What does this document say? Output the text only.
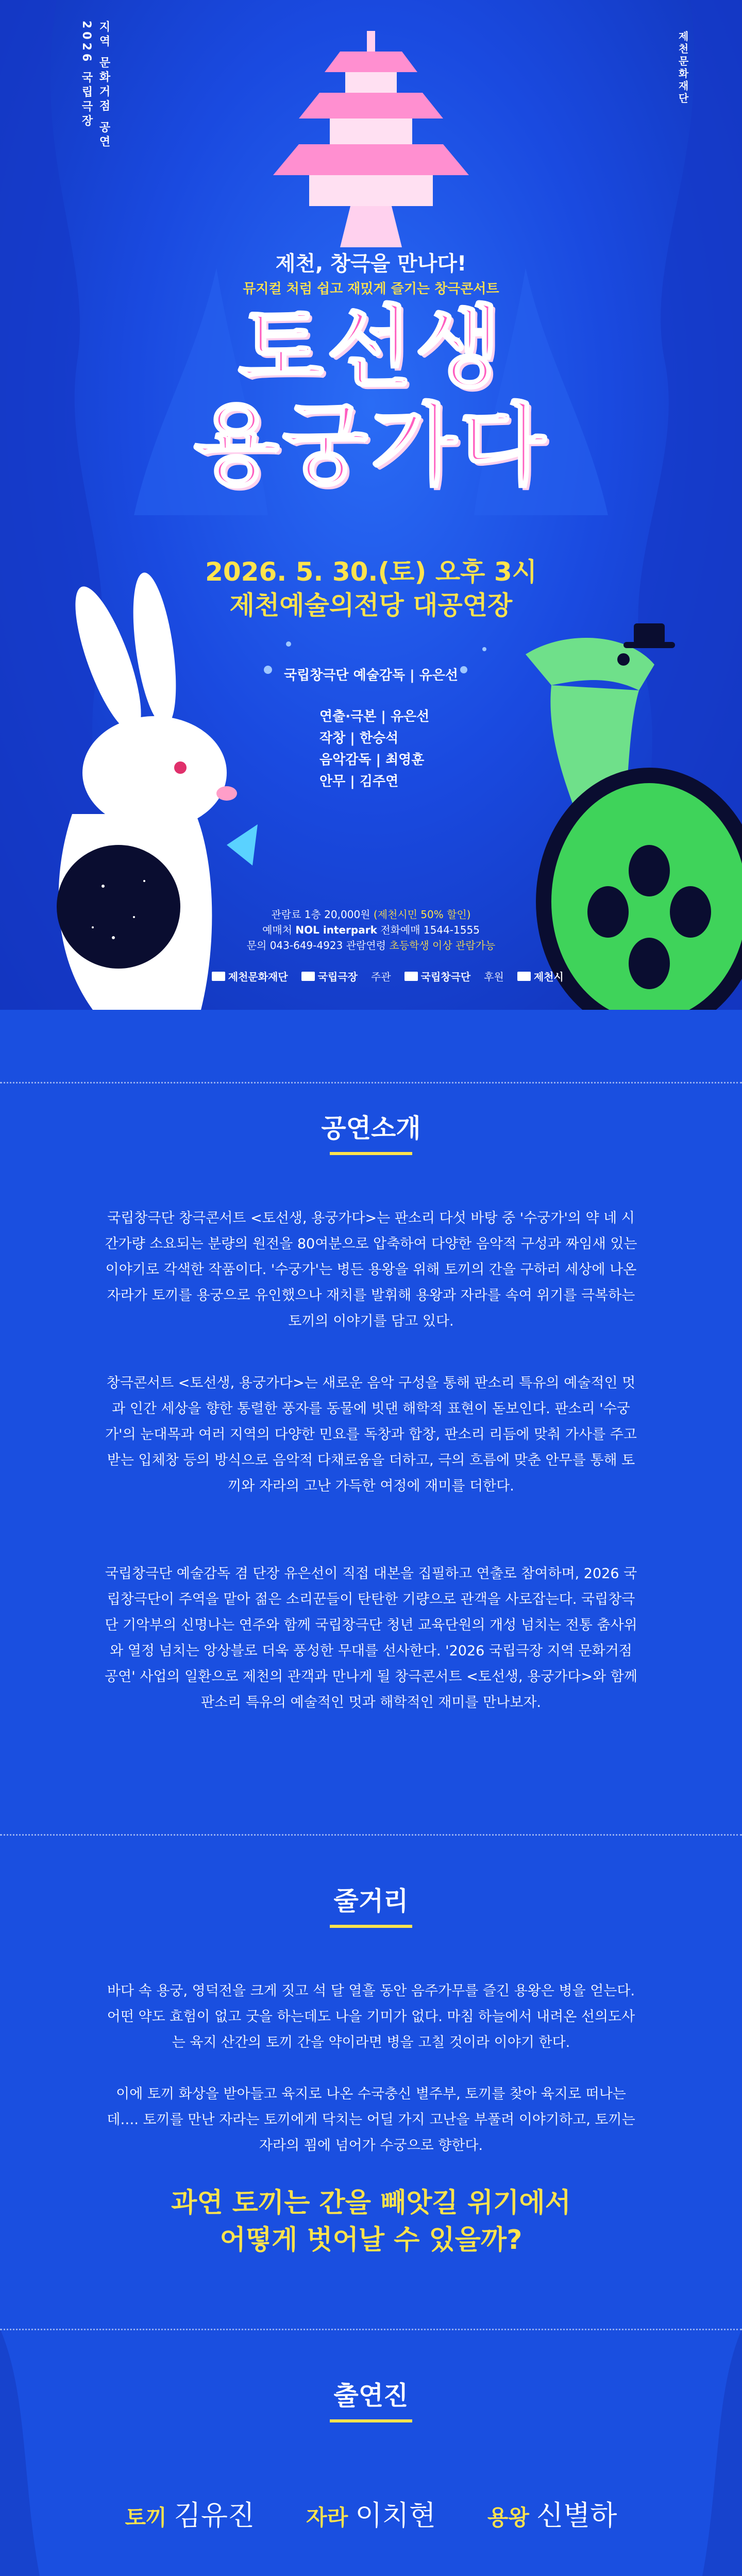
지역 문화거점 공연
2026 국립극장	제천문화재단
제천, 창극을 만나다!
뮤지컬 처럼 쉽고 재밌게 즐기는 창극콘서트
토선생
용궁가다
2026. 5. 30.(토) 오후 3시
제천예술의전당 대공연장
국립창극단 예술감독 | 유은선
연출·극본 | 유은선
작창 | 한승석
음악감독 | 최영훈
안무 | 김주연
관람료 1층 20,000원 (제천시민 50% 할인)
예매처 NOL interpark 전화예매 1544-1555
문의 043-649-4923 관람연령 초등학생 이상 관람가능
주최	제천문화재단	국립극장 주관	국립창극단 후원	제천시
공연소개

국립창극단 창극콘서트 <토선생, 용궁가다>는 판소리 다섯 바탕 중 '수궁가'의 약 네 시간가량 소요되는 분량의 원전을 80여분으로 압축하여 다양한 음악적 구성과 짜임새 있는 이야기로 각색한 작품이다. '수궁가'는 병든 용왕을 위해 토끼의 간을 구하러 세상에 나온 자라가 토끼를 용궁으로 유인했으나 재치를 발휘해 용왕과 자라를 속여 위기를 극복하는 토끼의 이야기를 담고 있다.

창극콘서트 <토선생, 용궁가다>는 새로운 음악 구성을 통해 판소리 특유의 예술적인 멋과 인간 세상을 향한 통렬한 풍자를 동물에 빗댄 해학적 표현이 돋보인다. 판소리 '수궁가'의 눈대목과 여러 지역의 다양한 민요를 독창과 합창, 판소리 리듬에 맞춰 가사를 주고받는 입체창 등의 방식으로 음악적 다채로움을 더하고, 극의 흐름에 맞춘 안무를 통해 토끼와 자라의 고난 가득한 여정에 재미를 더한다.

국립창극단 예술감독 겸 단장 유은선이 직접 대본을 집필하고 연출로 참여하며, 2026 국립창극단이 주역을 맡아 젊은 소리꾼들이 탄탄한 기량으로 관객을 사로잡는다. 국립창극단 기악부의 신명나는 연주와 함께 국립창극단 청년 교육단원의 개성 넘치는 전통 춤사위와 열정 넘치는 앙상블로 더욱 풍성한 무대를 선사한다. '2026 국립극장 지역 문화거점 공연' 사업의 일환으로 제천의 관객과 만나게 될 창극콘서트 <토선생, 용궁가다>와 함께 판소리 특유의 예술적인 멋과 해학적인 재미를 만나보자.

줄거리

바다 속 용궁, 영덕전을 크게 짓고 석 달 열흘 동안 음주가무를 즐긴 용왕은 병을 얻는다. 어떤 약도 효험이 없고 굿을 하는데도 나을 기미가 없다. 마침 하늘에서 내려온 선의도사는 육지 산간의 토끼 간을 약이라면 병을 고칠 것이라 이야기 한다.

이에 토끼 화상을 받아들고 육지로 나온 수국충신 별주부, 토끼를 찾아 육지로 떠나는데…. 토끼를 만난 자라는 토끼에게 닥치는 어딜 가지 고난을 부풀려 이야기하고, 토끼는 자라의 꾐에 넘어가 수궁으로 향한다.

과연 토끼는 간을 빼앗길 위기에서
어떻게 벗어날 수 있을까?
출연진
토끼 김유진 자라 이치현 용왕 신별하
